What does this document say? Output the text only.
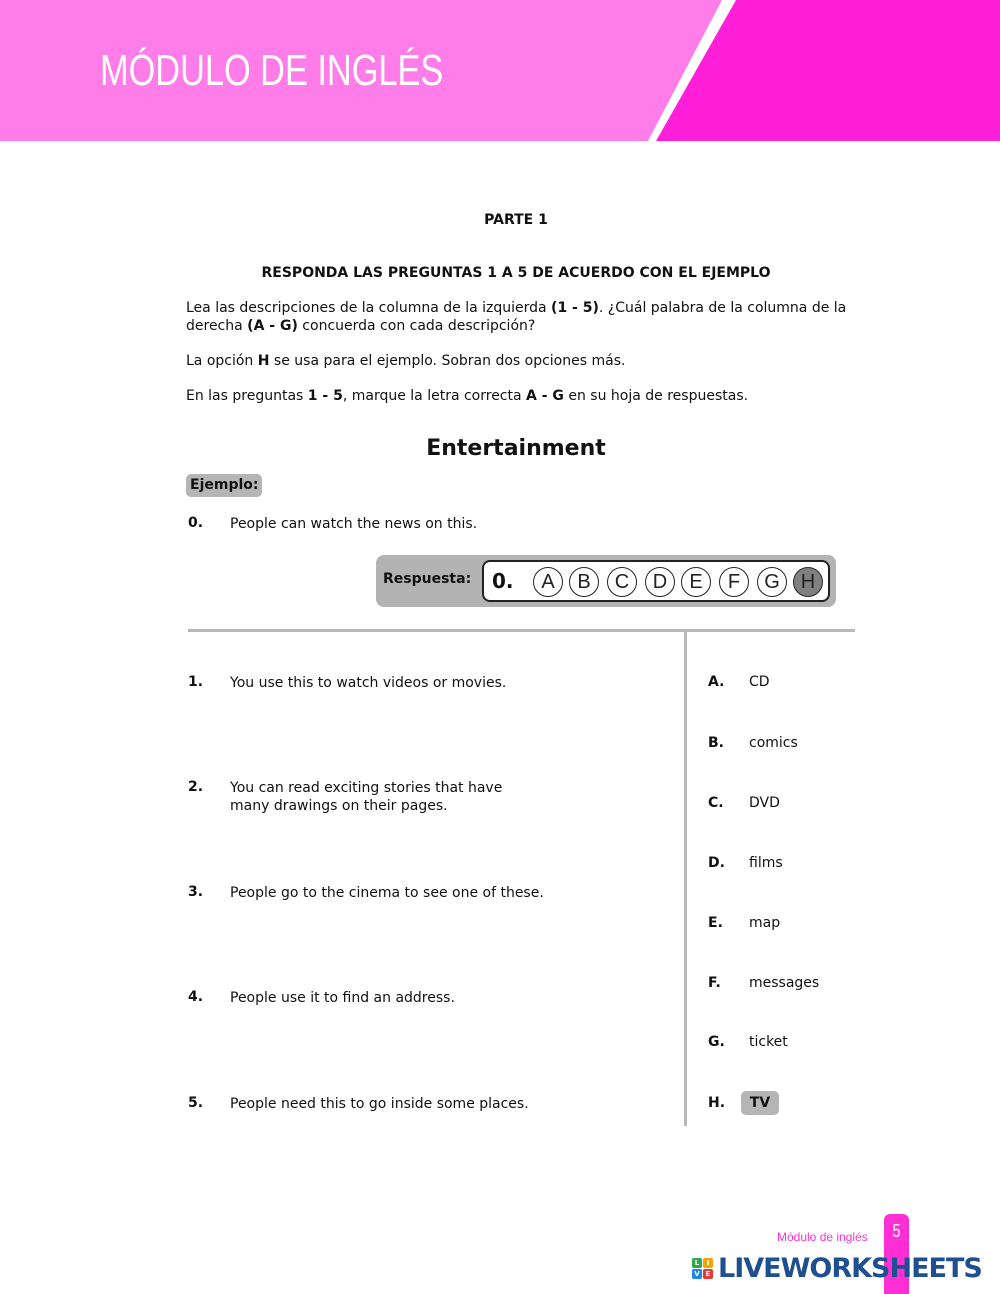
MÓDULO DE INGLÉS
PARTE 1
RESPONDA LAS PREGUNTAS 1 A 5 DE ACUERDO CON EL EJEMPLO
Lea las descripciones de la columna de la izquierda (1 - 5). ¿Cuál palabra de la columna de la derecha (A - G) concuerda con cada descripción?
La opción H se usa para el ejemplo. Sobran dos opciones más.
En las preguntas 1 - 5, marque la letra correcta A - G en su hoja de respuestas.
Entertainment
Ejemplo:
0. People can watch the news on this.
Respuesta: 0.	A	B	C	D	E	F	G	H
1. You use this to watch videos or movies.
2. You can read exciting stories that have many drawings on their pages.
3. People go to the cinema to see one of these.
4. People use it to find an address.
5. People need this to go inside some places.
A. CD
B. comics
C. DVD
D. films
E. map
F. messages
G. ticket
H.	TV
Módulo de inglés	5
L	I
V E LIVEWORKSHEETS
